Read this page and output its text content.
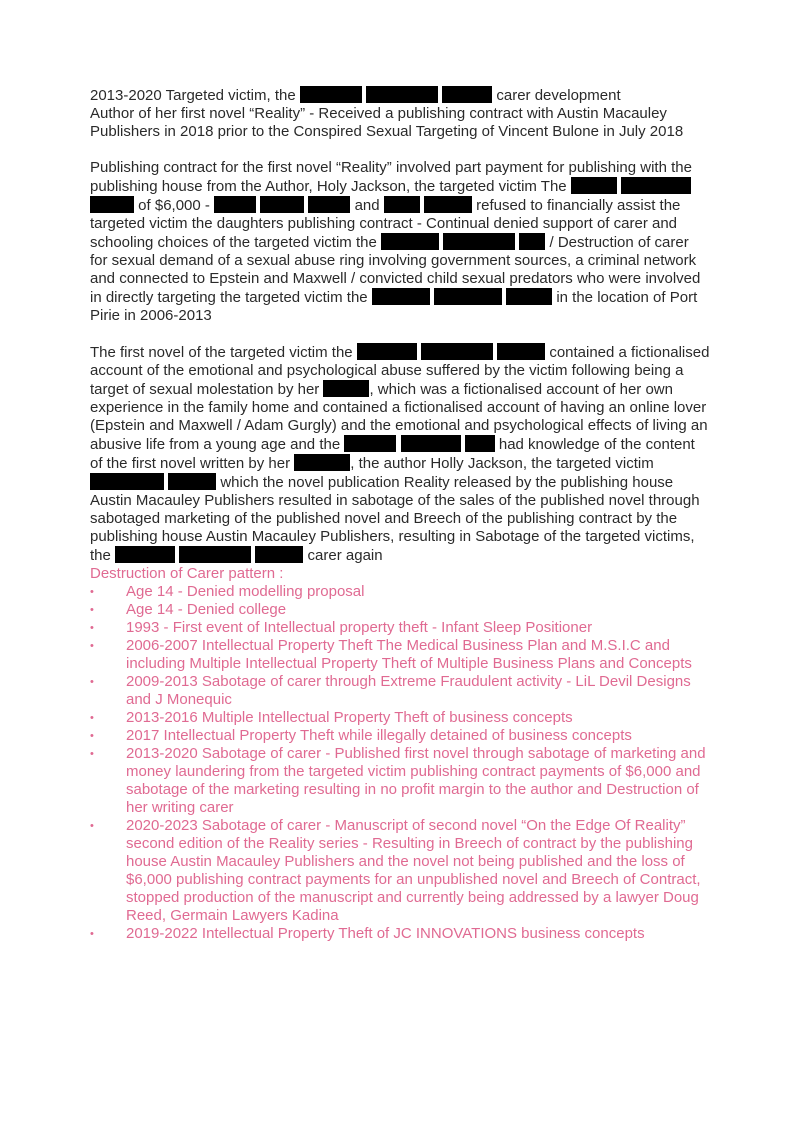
2013-2020 Targeted victim, the	carer development

Author of her first novel “Reality” - Received a publishing contract with Austin Macauley Publishers in 2018 prior to the Conspired Sexual Targeting of Vincent Bulone in July 2018

Publishing contract for the first novel “Reality” involved part payment for publishing with the publishing house from the Author, Holy Jackson, the targeted victim The    of $6,000 -	and	refused to financially assist the targeted victim the daughters publishing contract - Continual denied support of carer and schooling choices of the targeted victim the	/ Destruction of carer for sexual demand of a sexual abuse ring involving government sources, a criminal network and connected to Epstein and Maxwell / convicted child sexual predators who were involved in directly targeting the targeted victim the	in the location of Port Pirie in 2006-2013

The first novel of the targeted victim the	contained a fictionalised account of the emotional and psychological abuse suffered by the victim following being a target of sexual molestation by her	, which was a fictionalised account of her own experience in the family home and contained a fictionalised account of having an online lover (Epstein and Maxwell / Adam Gurgly) and the emotional and psychological effects of living an abusive life from a young age and the	had knowledge of the content of the first novel written by her	, the author Holly Jackson, the targeted victim   which the novel publication Reality released by the publishing house Austin Macauley Publishers resulted in sabotage of the sales of the published novel through sabotaged marketing of the published novel and Breech of the publishing contract by the publishing house Austin Macauley Publishers, resulting in Sabotage of the targeted victims, the	carer again

Destruction of Carer pattern :

• Age 14 - Denied modelling proposal
• Age 14 - Denied college
• 1993 - First event of Intellectual property theft - Infant Sleep Positioner
• 2006-2007 Intellectual Property Theft The Medical Business Plan and M.S.I.C and including Multiple Intellectual Property Theft of Multiple Business Plans and Concepts
• 2009-2013 Sabotage of carer through Extreme Fraudulent activity - LiL Devil Designs and J Monequic
• 2013-2016 Multiple Intellectual Property Theft of business concepts
• 2017 Intellectual Property Theft while illegally detained of business concepts
• 2013-2020 Sabotage of carer - Published first novel through sabotage of marketing and money laundering from the targeted victim publishing contract payments of $6,000 and sabotage of the marketing resulting in no profit margin to the author and Destruction of her writing carer
• 2020-2023 Sabotage of carer - Manuscript of second novel “On the Edge Of Reality” second edition of the Reality series - Resulting in Breech of contract by the publishing house Austin Macauley Publishers and the novel not being published and the loss of $6,000 publishing contract payments for an unpublished novel and Breech of Contract, stopped production of the manuscript and currently being addressed by a lawyer Doug Reed, Germain Lawyers Kadina
• 2019-2022 Intellectual Property Theft of JC INNOVATIONS business concepts
